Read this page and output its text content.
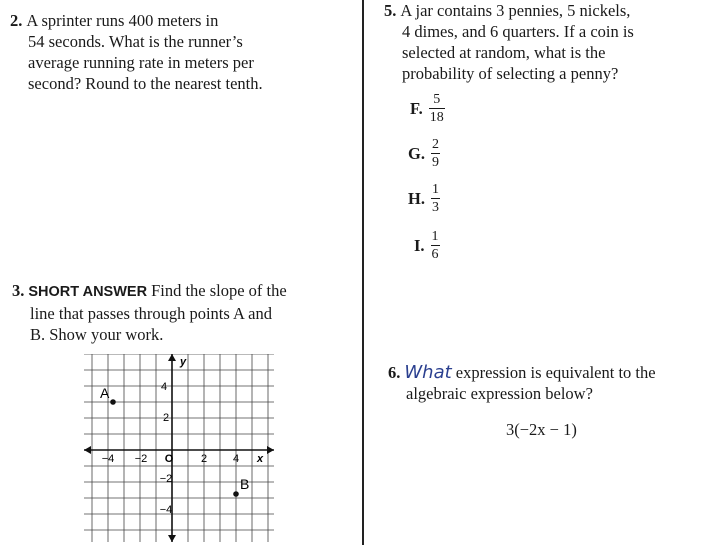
2. A sprinter runs 400 meters in
54 seconds. What is the runner’s
average running rate in meters per
second? Round to the nearest tenth.
3. SHORT ANSWER Find the slope of the
line that passes through points A and
B. Show your work.
−4 −2 O	2 4 x
y
4
2
−2
−4
A
B
5. A jar contains 3 pennies, 5 nickels,
4 dimes, and 6 quarters. If a coin is
selected at random, what is the
probability of selecting a penny?
F. $\frac{5}{18}$
G. $\frac{2}{9}$
H. $\frac{1}{3}$
I. $\frac{1}{6}$
6. What expression is equivalent to the
algebraic expression below?
3(−2x − 1)
